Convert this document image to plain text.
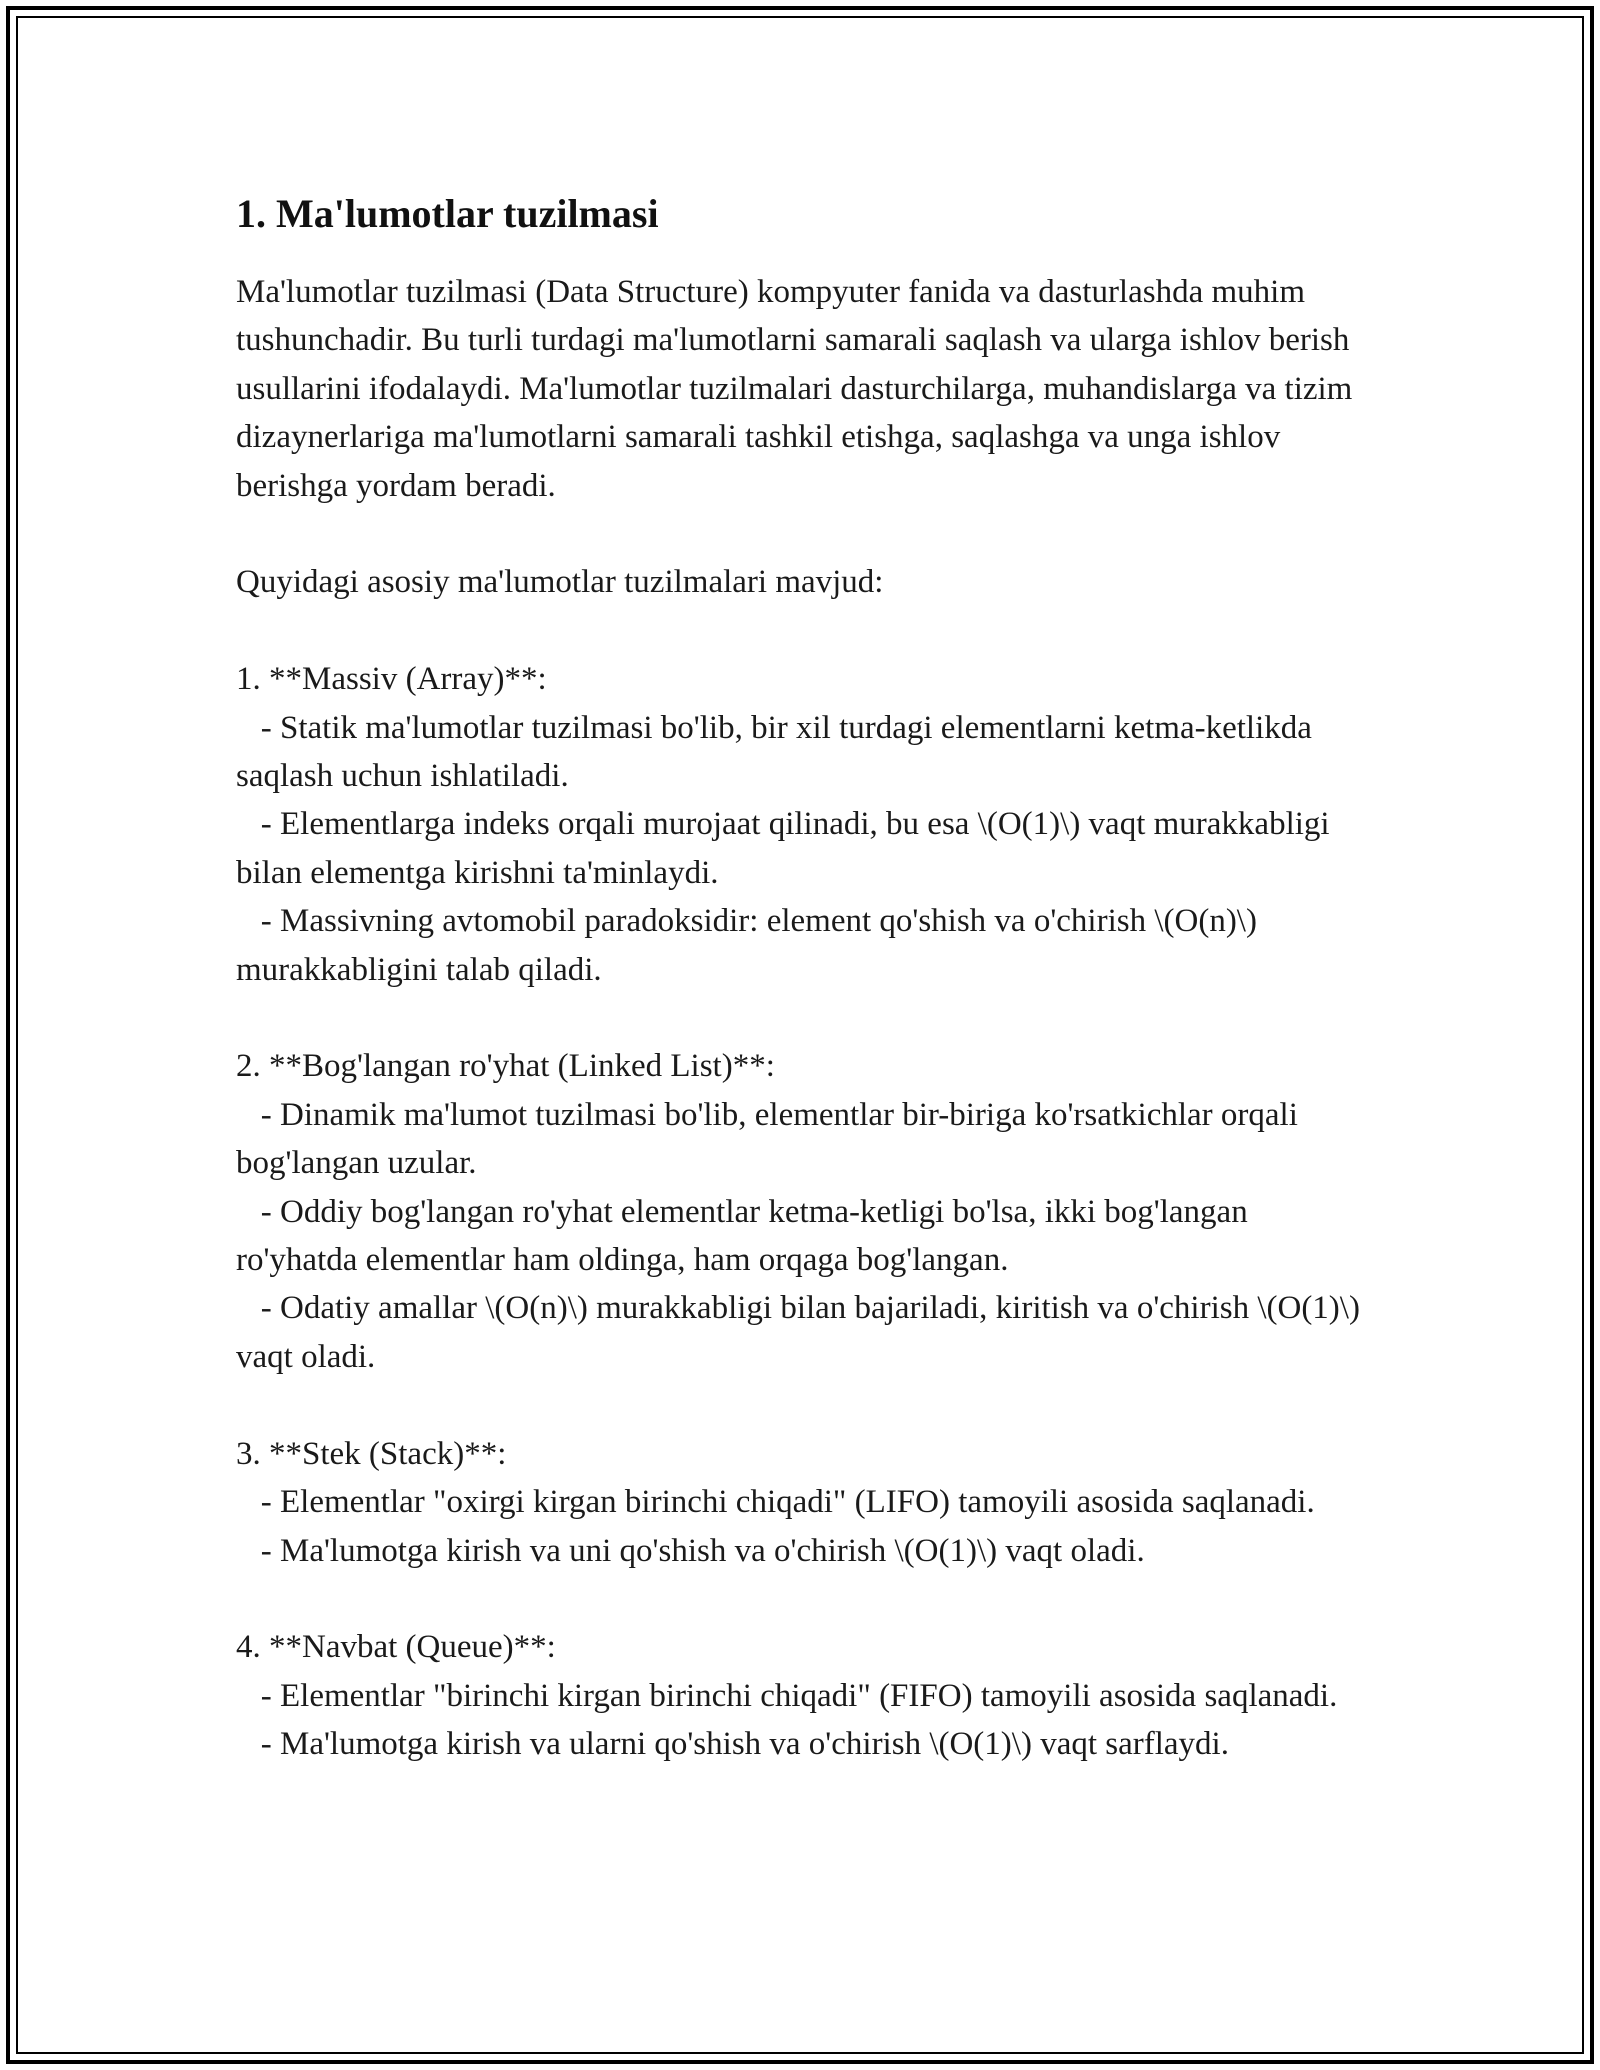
1. Ma'lumotlar tuzilmasi

Ma'lumotlar tuzilmasi (Data Structure) kompyuter fanida va dasturlashda muhim tushunchadir. Bu turli turdagi ma'lumotlarni samarali saqlash va ularga ishlov berish usullarini ifodalaydi. Ma'lumotlar tuzilmalari dasturchilarga, muhandislarga va tizim dizaynerlariga ma'lumotlarni samarali tashkil etishga, saqlashga va unga ishlov berishga yordam beradi.

Quyidagi asosiy ma'lumotlar tuzilmalari mavjud:

1. **Massiv (Array)**:

- Statik ma'lumotlar tuzilmasi bo'lib, bir xil turdagi elementlarni ketma-ketlikda saqlash uchun ishlatiladi.

- Elementlarga indeks orqali murojaat qilinadi, bu esa \(O(1)\) vaqt murakkabligi bilan elementga kirishni ta'minlaydi.

- Massivning avtomobil paradoksidir: element qo'shish va o'chirish \(O(n)\) murakkabligini talab qiladi.

2. **Bog'langan ro'yhat (Linked List)**:

- Dinamik ma'lumot tuzilmasi bo'lib, elementlar bir-biriga ko'rsatkichlar orqali bog'langan uzular.

- Oddiy bog'langan ro'yhat elementlar ketma-ketligi bo'lsa, ikki bog'langan ro'yhatda elementlar ham oldinga, ham orqaga bog'langan.

- Odatiy amallar \(O(n)\) murakkabligi bilan bajariladi, kiritish va o'chirish \(O(1)\) vaqt oladi.

3. **Stek (Stack)**:

- Elementlar "oxirgi kirgan birinchi chiqadi" (LIFO) tamoyili asosida saqlanadi.

- Ma'lumotga kirish va uni qo'shish va o'chirish \(O(1)\) vaqt oladi.

4. **Navbat (Queue)**:

- Elementlar "birinchi kirgan birinchi chiqadi" (FIFO) tamoyili asosida saqlanadi.

- Ma'lumotga kirish va ularni qo'shish va o'chirish \(O(1)\) vaqt sarflaydi.
